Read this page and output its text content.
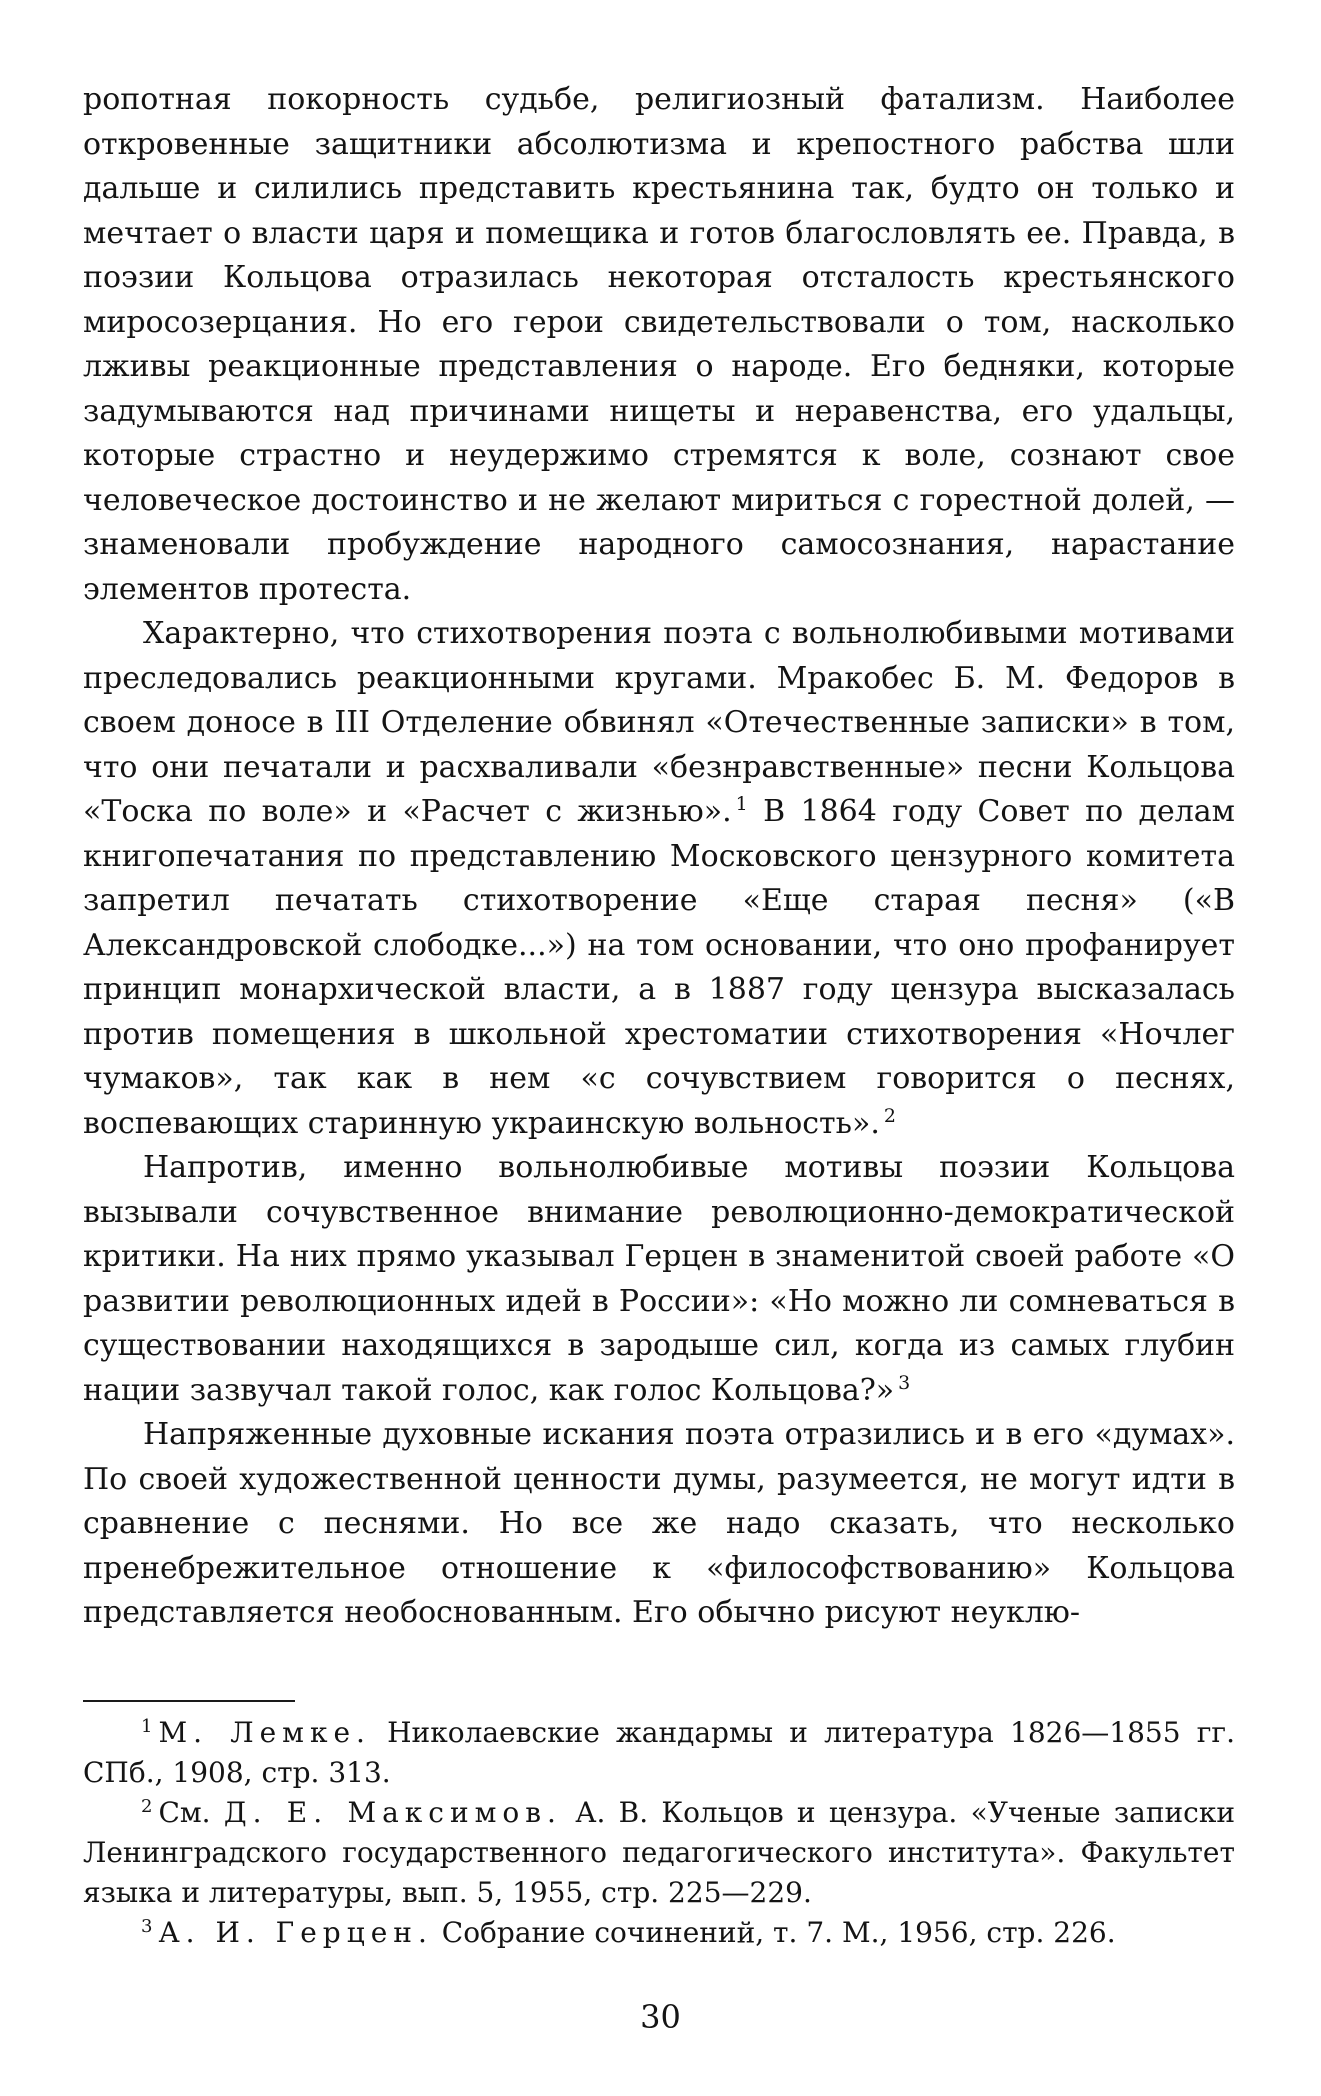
ропотная покорность судьбе, религиозный фатализм. Наиболее откровенные защитники абсолютизма и крепостного рабства шли дальше и силились представить крестьянина так, будто он только и мечтает о власти царя и помещика и готов благословлять ее. Правда, в поэзии Кольцова отразилась некоторая отсталость крестьянского миросозерцания. Но его герои свидетельствовали о том, насколько лживы реакционные представления о народе. Его бедняки, которые задумываются над причинами нищеты и неравенства, его удальцы, которые страстно и неудержимо стремятся к воле, сознают свое человеческое достоинство и не желают мириться с горестной долей, — знаменовали пробуждение народного самосознания, нарастание элементов протеста.

Характерно, что стихотворения поэта с вольнолюбивыми мотивами преследовались реакционными кругами. Мракобес Б. М. Федоров в своем доносе в III Отделение обвинял «Отечественные записки» в том, что они печатали и расхваливали «безнравственные» песни Кольцова «Тоска по воле» и «Расчет с жизнью». $^1$ В 1864 году Совет по делам книгопечатания по представлению Московского цензурного комитета запретил печатать стихотворение «Еще старая песня» («В Александровской слободке...») на том основании, что оно профанирует принцип монархической власти, а в 1887 году цензура высказалась против помещения в школьной хрестоматии стихотворения «Ночлег чумаков», так как в нем «с сочувствием говорится о песнях, воспевающих старинную украинскую вольность». $^2$

Напротив, именно вольнолюбивые мотивы поэзии Кольцова вызывали сочувственное внимание революционно-демократической критики. На них прямо указывал Герцен в знаменитой своей работе «О развитии революционных идей в России»: «Но можно ли сомневаться в существовании находящихся в зародыше сил, когда из самых глубин нации зазвучал такой голос, как голос Кольцова?» $^3$

Напряженные духовные искания поэта отразились и в его «думах». По своей художественной ценности думы, разумеется, не могут идти в сравнение с песнями. Но все же надо сказать, что несколько пренебрежительное отношение к «философствованию» Кольцова представляется необоснованным. Его обычно рисуют неуклю-

$^1$ М. Лемке. Николаевские жандармы и литература 1826—1855 гг. СПб., 1908, стр. 313.

$^2$ См. Д. Е. Максимов. А. В. Кольцов и цензура. «Ученые записки Ленинградского государственного педагогического института». Факультет языка и литературы, вып. 5, 1955, стр. 225—229.

$^3$ А. И. Герцен. Собрание сочинений, т. 7. М., 1956, стр. 226.

30
